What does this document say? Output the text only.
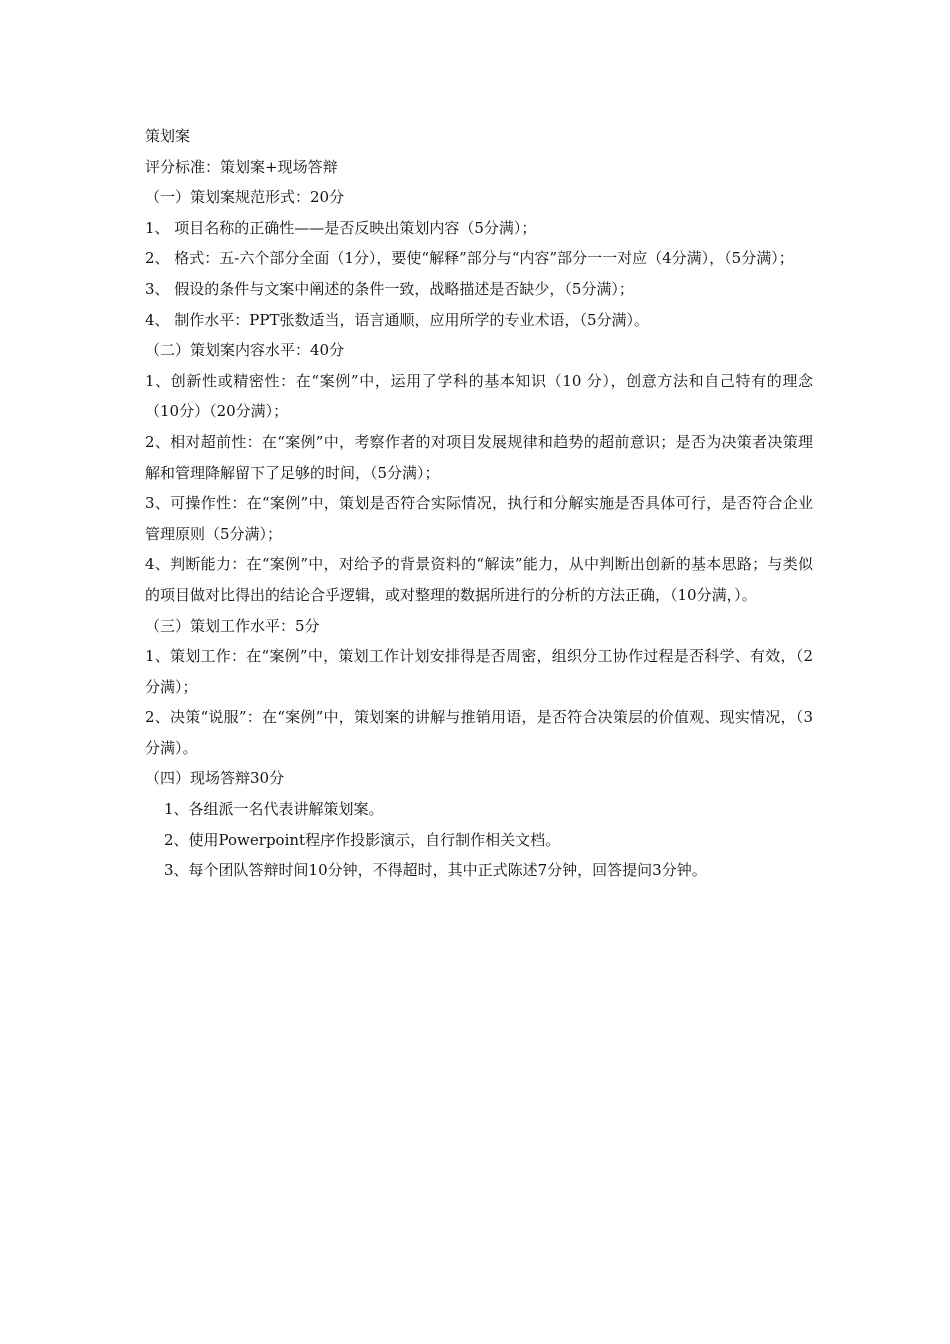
策划案

评分标准：策划案+现场答辩

（一）策划案规范形式：20分

1、 项目名称的正确性——是否反映出策划内容（5分满）；

2、 格式：五-六个部分全面（1分），要使“解释”部分与“内容”部分一一对应（4分满），（5分满）；

3、 假设的条件与文案中阐述的条件一致，战略描述是否缺少，（5分满）；

4、 制作水平：PPT张数适当，语言通顺，应用所学的专业术语，（5分满）。

（二）策划案内容水平：40分

1、创新性或精密性：在“案例”中，运用了学科的基本知识（10 分），创意方法和自己特有的理念（10分）（20分满）；

2、相对超前性：在“案例”中，考察作者的对项目发展规律和趋势的超前意识；是否为决策者决策理解和管理降解留下了足够的时间，（5分满）；

3、可操作性：在“案例”中，策划是否符合实际情况，执行和分解实施是否具体可行，是否符合企业管理原则（5分满）；

4、判断能力：在“案例”中，对给予的背景资料的“解读”能力，从中判断出创新的基本思路；与类似的项目做对比得出的结论合乎逻辑，或对整理的数据所进行的分析的方法正确，（10分满，）。

（三）策划工作水平：5分

1、策划工作：在“案例”中，策划工作计划安排得是否周密，组织分工协作过程是否科学、有效，（2分满）；

2、决策“说服”：在“案例”中，策划案的讲解与推销用语，是否符合决策层的价值观、现实情况，（3分满）。

（四）现场答辩30分

1、各组派一名代表讲解策划案。

2、使用Powerpoint程序作投影演示，自行制作相关文档。

3、每个团队答辩时间10分钟，不得超时，其中正式陈述7分钟，回答提问3分钟。
